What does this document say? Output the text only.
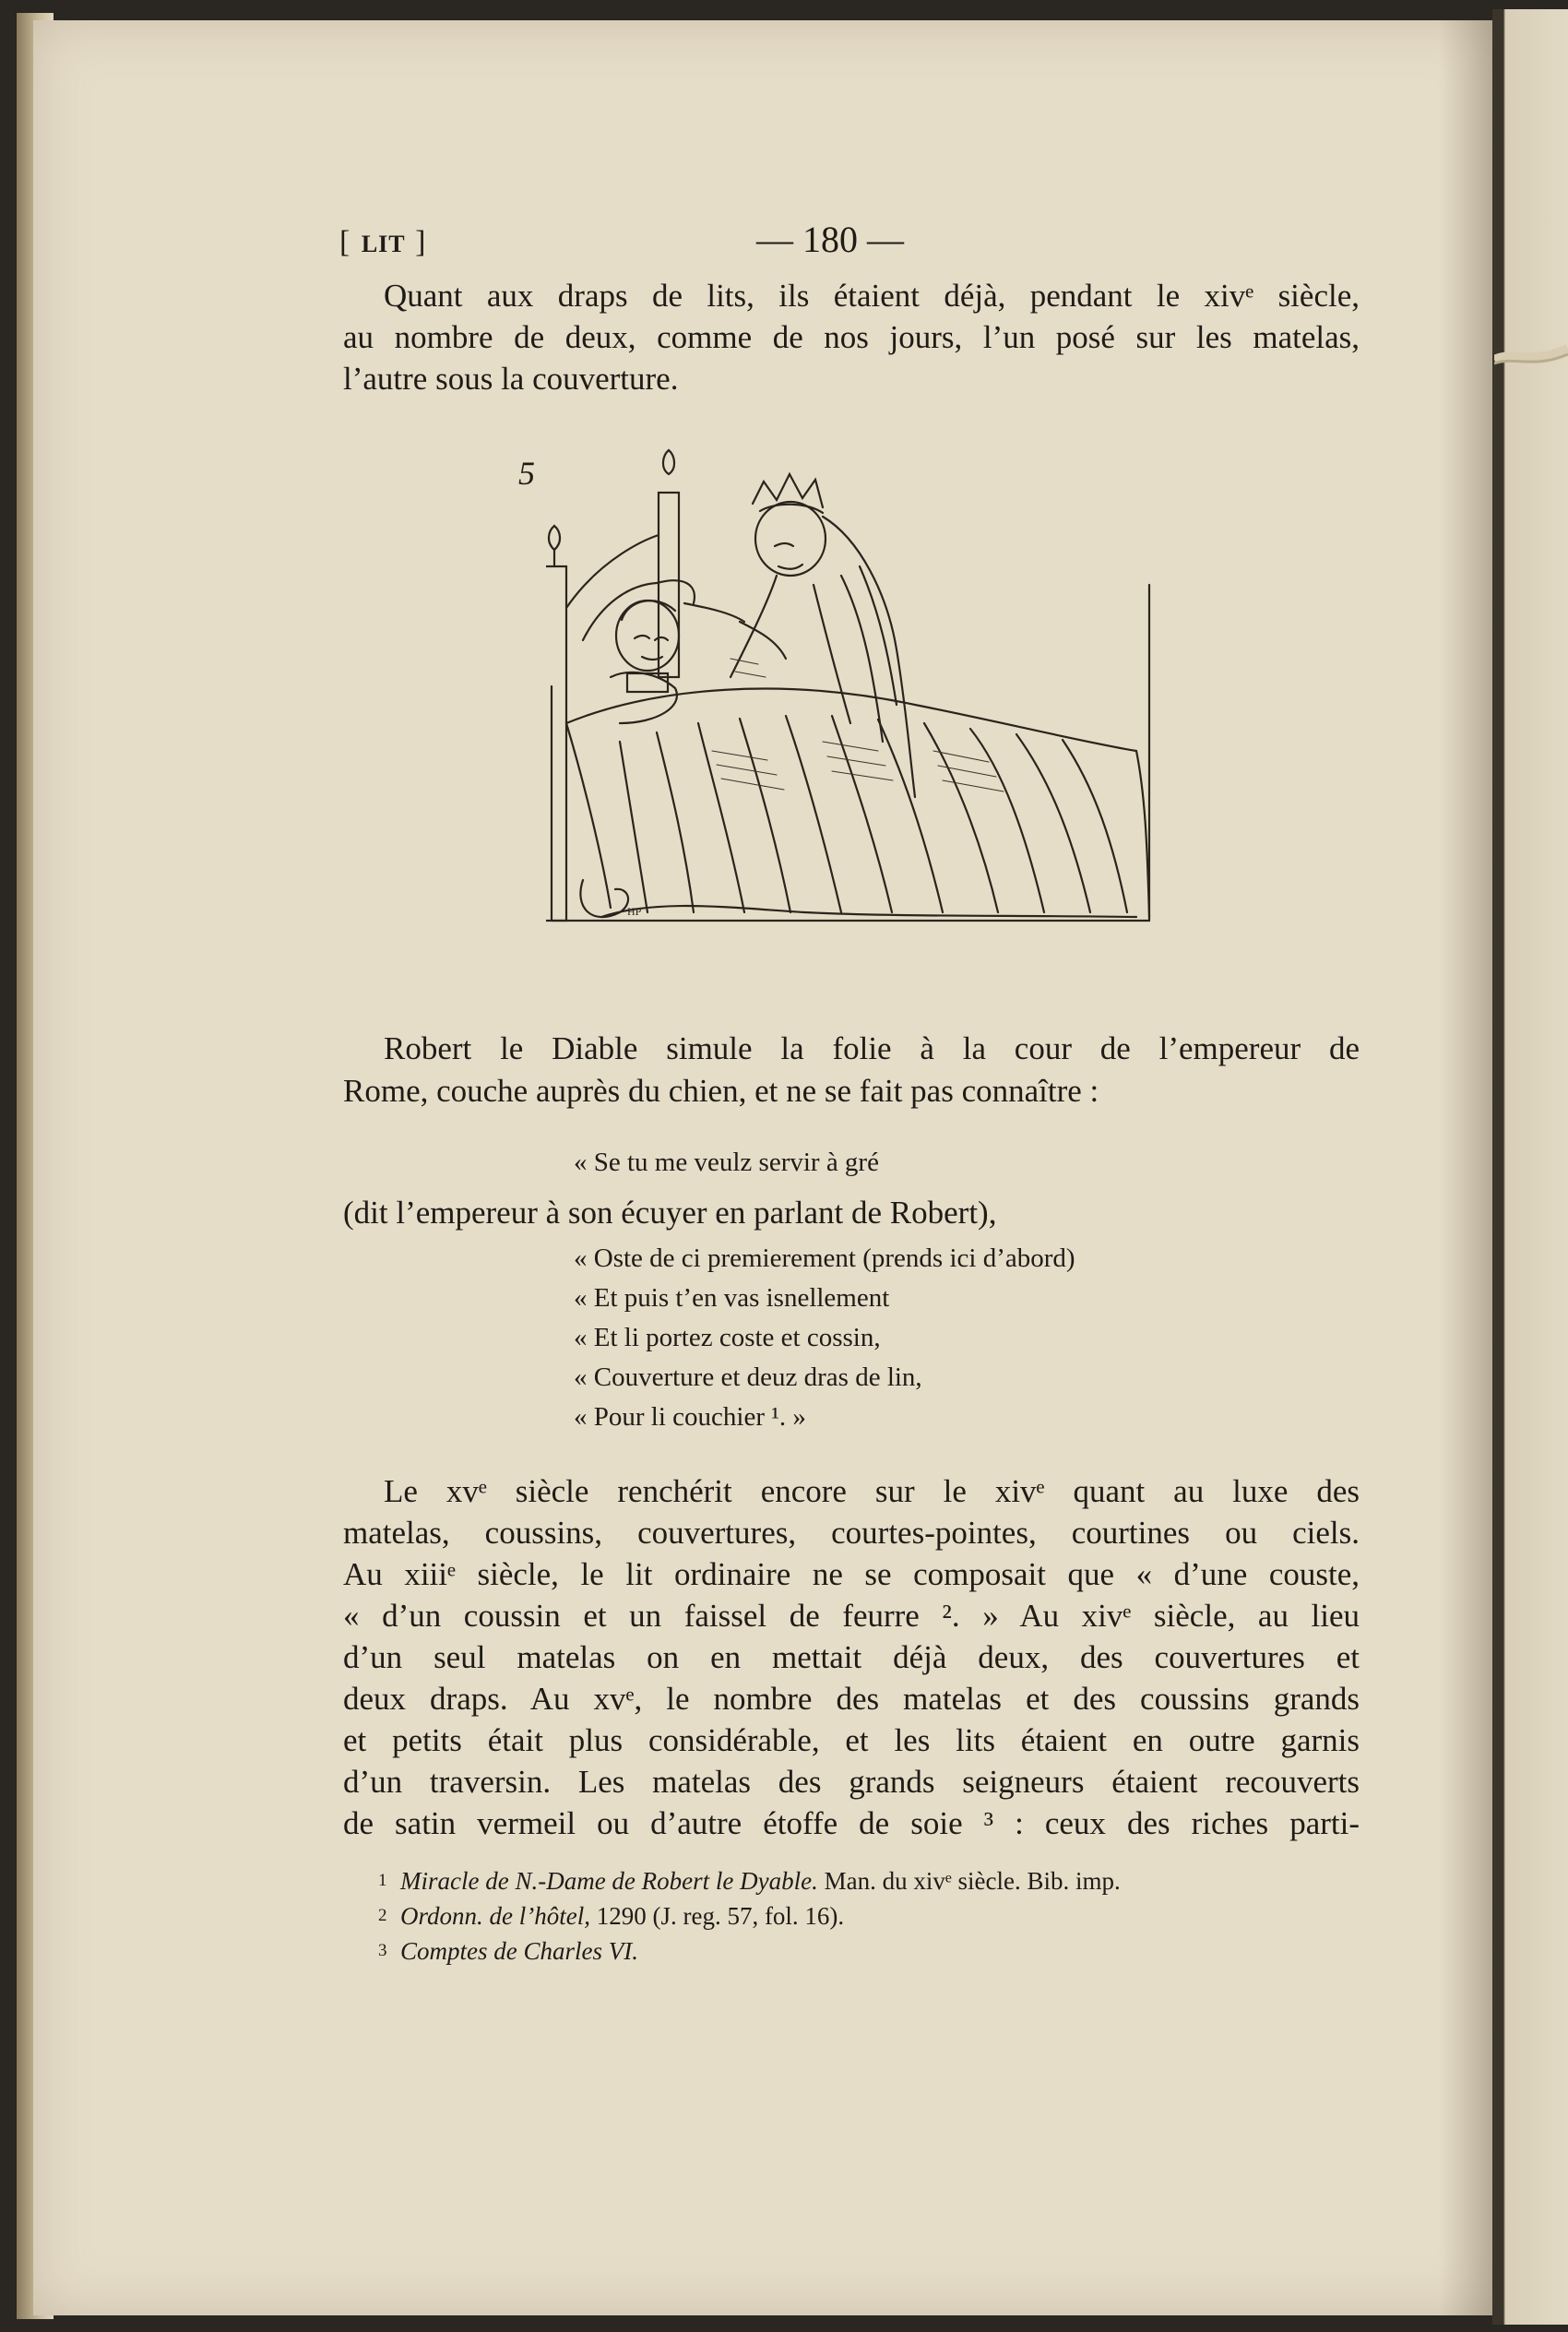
[ LIT ]	— 180 —
Quant aux draps de lits, ils étaient déjà, pendant le xivᵉ siècle,
au nombre de deux, comme de nos jours, l’un posé sur les matelas,
l’autre sous la couverture.
5
HP
Robert le Diable simule la folie à la cour de l’empereur de
Rome, couche auprès du chien, et ne se fait pas connaître :
« Se tu me veulz servir à gré
(dit l’empereur à son écuyer en parlant de Robert),
« Oste de ci premierement (prends ici d’abord)
« Et puis t’en vas isnellement
« Et li portez coste et cossin,
« Couverture et deuz dras de lin,
« Pour li couchier ¹. »
Le xvᵉ siècle renchérit encore sur le xivᵉ quant au luxe des
matelas, coussins, couvertures, courtes-pointes, courtines ou ciels.
Au xiiiᵉ siècle, le lit ordinaire ne se composait que « d’une couste,
« d’un coussin et un faissel de feurre ². » Au xivᵉ siècle, au lieu
d’un seul matelas on en mettait déjà deux, des couvertures et
deux draps. Au xvᵉ, le nombre des matelas et des coussins grands
et petits était plus considérable, et les lits étaient en outre garnis
d’un traversin. Les matelas des grands seigneurs étaient recouverts
de satin vermeil ou d’autre étoffe de soie ³ : ceux des riches parti-
1 Miracle de N.-Dame de Robert le Dyable. Man. du xivᵉ siècle. Bib. imp.
2 Ordonn. de l’hôtel, 1290 (J. reg. 57, fol. 16).
3 Comptes de Charles VI.
